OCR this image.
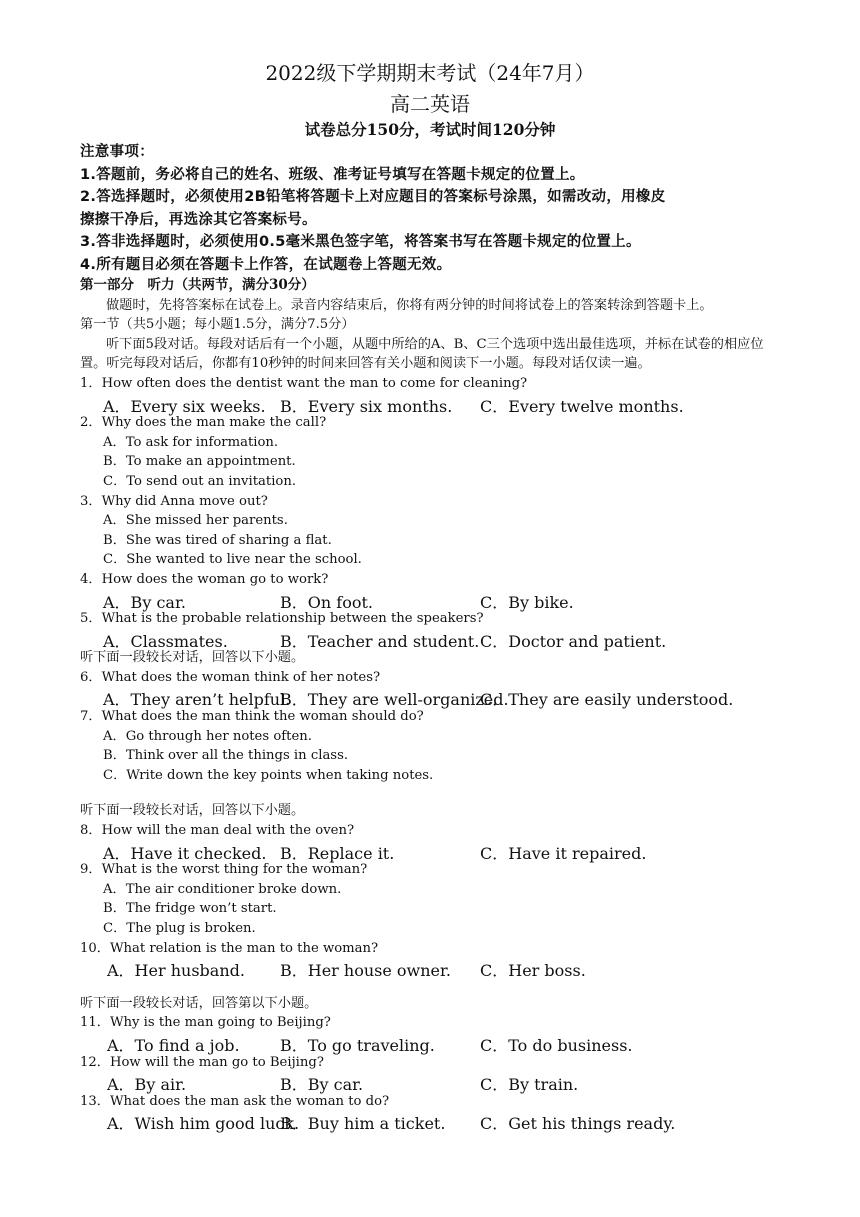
2022级下学期期末考试（24年7月）
高二英语
试卷总分150分，考试时间120分钟
注意事项：
1.答题前，务必将自己的姓名、班级、准考证号填写在答题卡规定的位置上。
2.答选择题时，必须使用2B铅笔将答题卡上对应题目的答案标号涂黑，如需改动，用橡皮
擦擦干净后，再选涂其它答案标号。
3.答非选择题时，必须使用0.5毫米黑色签字笔，将答案书写在答题卡规定的位置上。
4.所有题目必须在答题卡上作答，在试题卷上答题无效。
第一部分　听力（共两节，满分30分）
做题时，先将答案标在试卷上。录音内容结束后，你将有两分钟的时间将试卷上的答案转涂到答题卡上。
第一节（共5小题；每小题1.5分，满分7.5分）
听下面5段对话。每段对话后有一个小题，从题中所给的A、B、C三个选项中选出最佳选项，并标在试卷的相应位置。听完每段对话后，你都有10秒钟的时间来回答有关小题和阅读下一小题。每段对话仅读一遍。
1．How often does the dentist want the man to come for cleaning?
A．Every six weeks. B．Every six months. C．Every twelve months.
2．Why does the man make the call?
A．To ask for information.
B．To make an appointment.
C．To send out an invitation.
3．Why did Anna move out?
A．She missed her parents.
B．She was tired of sharing a flat.
C．She wanted to live near the school.
4．How does the woman go to work?
A．By car.	B．On foot.	C．By bike.
5．What is the probable relationship between the speakers?
A．Classmates.	B．Teacher and student. C．Doctor and patient.
听下面一段较长对话，回答以下小题。
6．What does the woman think of her notes?
A．They aren’t helpful.
B．They are well-organized.
C．They are easily understood.
7．What does the man think the woman should do?
A．Go through her notes often.
B．Think over all the things in class.
C．Write down the key points when taking notes.
听下面一段较长对话，回答以下小题。
8．How will the man deal with the oven?
A．Have it checked. B．Replace it.	C．Have it repaired.
9．What is the worst thing for the woman?
A．The air conditioner broke down.
B．The fridge won’t start.
C．The plug is broken.
10．What relation is the man to the woman?
A．Her husband. B．Her house owner. C．Her boss.
听下面一段较长对话，回答第以下小题。
11．Why is the man going to Beijing?
A．To find a job.	B．To go traveling.	C．To do business.
12．How will the man go to Beijing?
A．By air.	B．By car.	C．By train.
13．What does the man ask the woman to do?
A．Wish him good luck.
B．Buy him a ticket. C．Get his things ready.
